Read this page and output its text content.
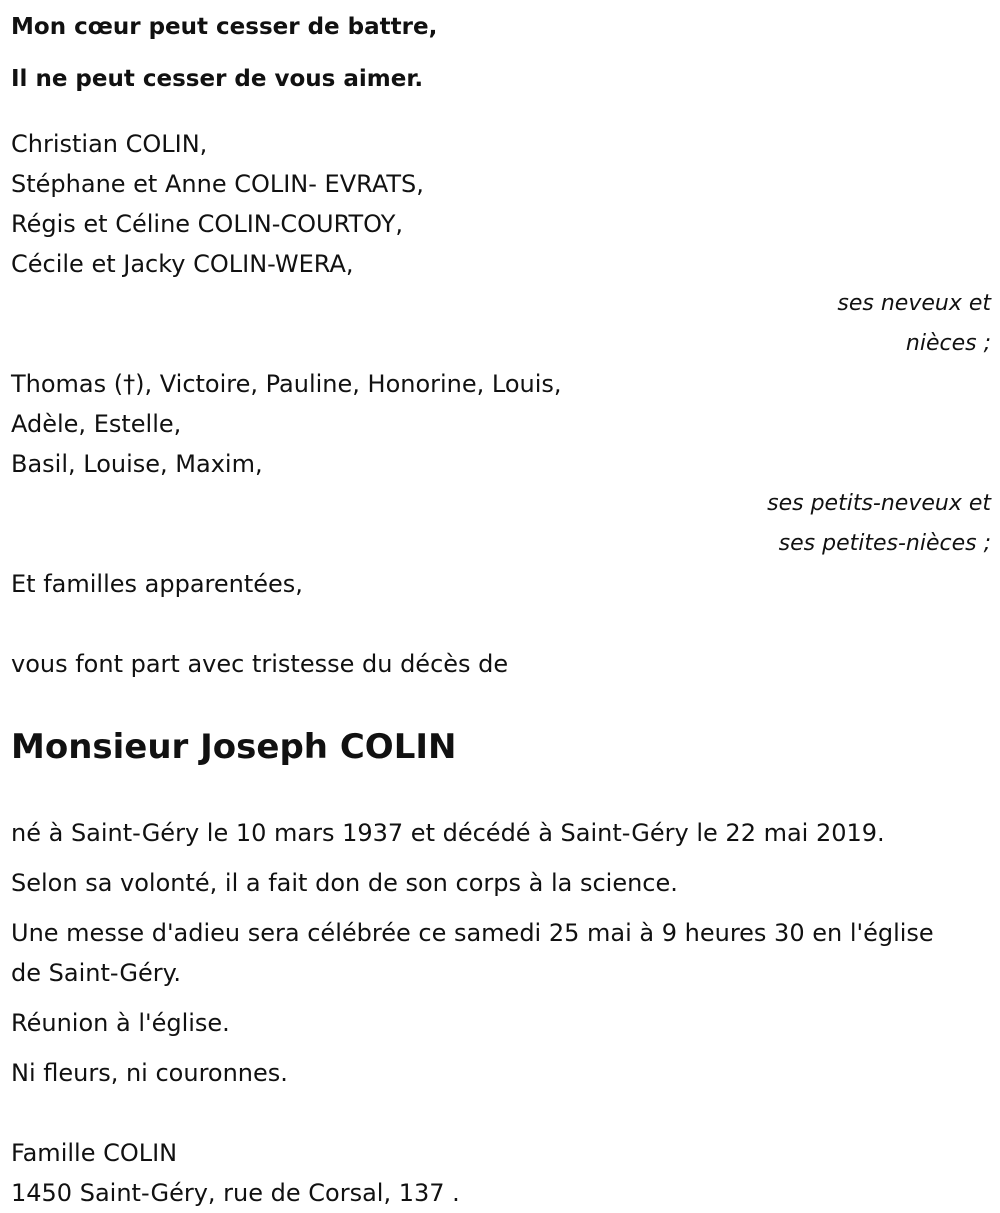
Mon cœur peut cesser de battre,

Il ne peut cesser de vous aimer.

Christian COLIN,

Stéphane et Anne COLIN- EVRATS,

Régis et Céline COLIN-COURTOY,

Cécile et Jacky COLIN-WERA,

ses neveux et

nièces ;

Thomas (†), Victoire, Pauline, Honorine, Louis,

Adèle, Estelle,

Basil, Louise, Maxim,

ses petits-neveux et

ses petites-nièces ;

Et familles apparentées,

vous font part avec tristesse du décès de

Monsieur Joseph COLIN

né à Saint-Géry le 10 mars 1937 et décédé à Saint-Géry le 22 mai 2019.

Selon sa volonté, il a fait don de son corps à la science.

Une messe d'adieu sera célébrée ce samedi 25 mai à 9 heures 30 en l'église de Saint-Géry.

Réunion à l'église.

Ni fleurs, ni couronnes.

Famille COLIN

1450 Saint-Géry, rue de Corsal, 137 .
